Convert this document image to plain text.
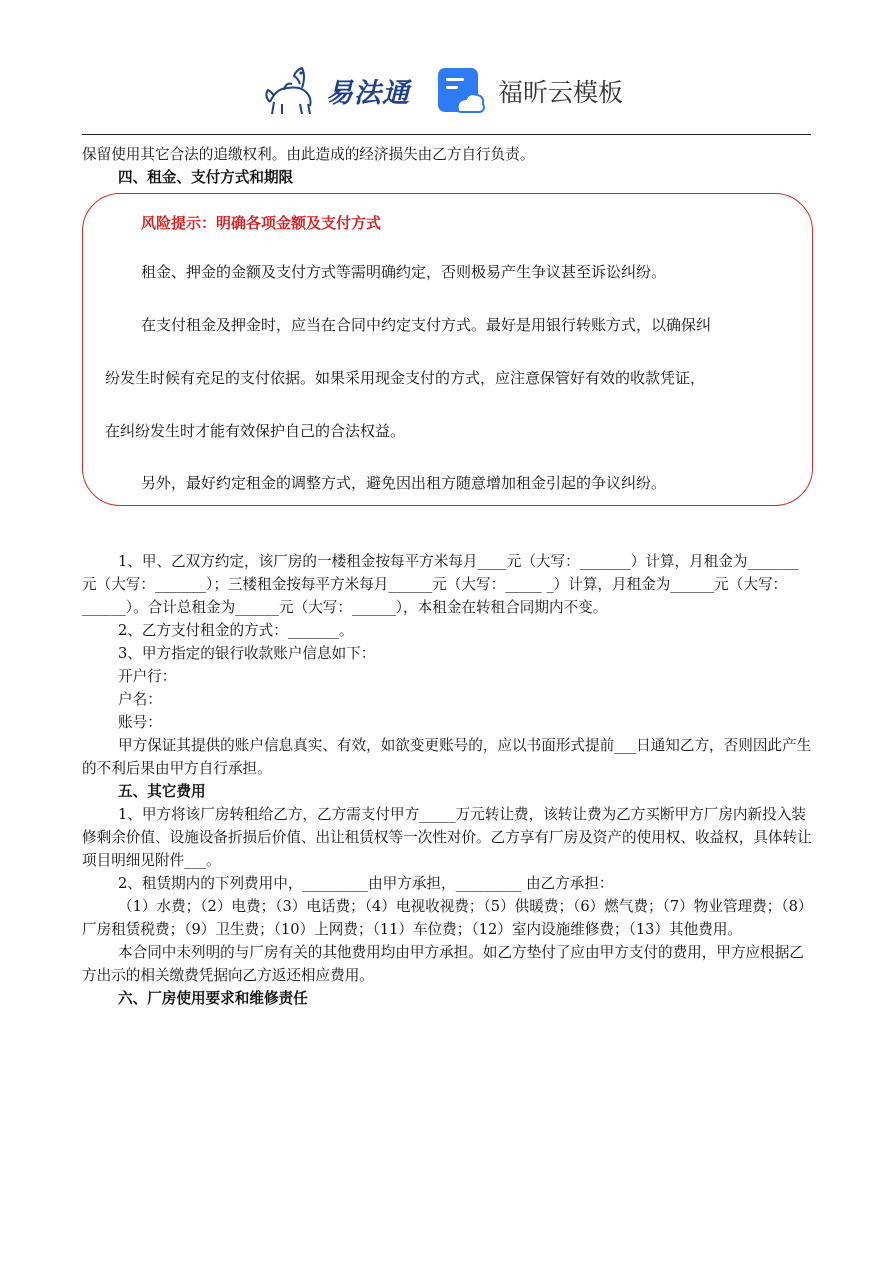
易法通	福昕云模板

保留使用其它合法的追缴权利。由此造成的经济损失由乙方自行负责。

四、租金、支付方式和期限

风险提示：明确各项金额及支付方式
租金、押金的金额及支付方式等需明确约定，否则极易产生争议甚至诉讼纠纷。
在支付租金及押金时，应当在合同中约定支付方式。最好是用银行转账方式，以确保纠
纷发生时候有充足的支付依据。如果采用现金支付的方式，应注意保管好有效的收款凭证，
在纠纷发生时才能有效保护自己的合法权益。
另外，最好约定租金的调整方式，避免因出租方随意增加租金引起的争议纠纷。

1、甲、乙双方约定，该厂房的一楼租金按每平方米每月____元（大写：_______）计算，月租金为_______元（大写：_______）；三楼租金按每平方米每月______元（大写：_____ _）计算，月租金为______元（大写：______）。合计总租金为______元（大写：______），本租金在转租合同期内不变。

2、乙方支付租金的方式：_______。

3、甲方指定的银行收款账户信息如下：

开户行：

户名：

账号：

甲方保证其提供的账户信息真实、有效，如欲变更账号的，应以书面形式提前___日通知乙方，否则因此产生的不利后果由甲方自行承担。

五、其它费用

1、甲方将该厂房转租给乙方，乙方需支付甲方_____万元转让费，该转让费为乙方买断甲方厂房内新投入装修剩余价值、设施设备折损后价值、出让租赁权等一次性对价。乙方享有厂房及资产的使用权、收益权，具体转让项目明细见附件___。

2、租赁期内的下列费用中，_________由甲方承担，_________ 由乙方承担：

（1）水费；（2）电费；（3）电话费；（4）电视收视费；（5）供暖费；（6）燃气费；（7）物业管理费；（8）厂房租赁税费；（9）卫生费；（10）上网费；（11）车位费；（12）室内设施维修费；（13）其他费用。

本合同中未列明的与厂房有关的其他费用均由甲方承担。如乙方垫付了应由甲方支付的费用，甲方应根据乙方出示的相关缴费凭据向乙方返还相应费用。

六、厂房使用要求和维修责任
